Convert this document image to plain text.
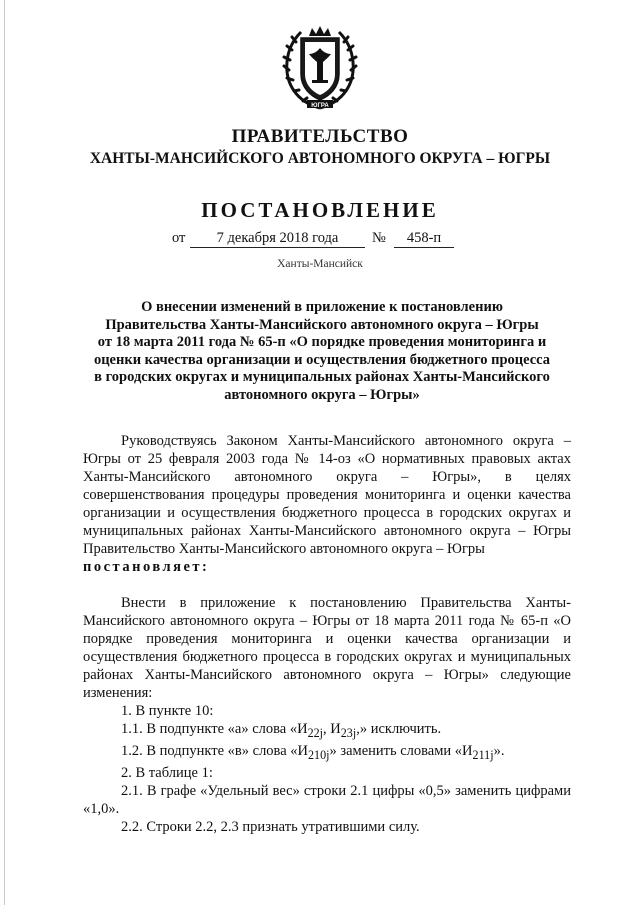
ЮГРА
ПРАВИТЕЛЬСТВО
ХАНТЫ-МАНСИЙСКОГО АВТОНОМНОГО ОКРУГА – ЮГРЫ
ПОСТАНОВЛЕНИЕ
от	7 декабря 2018 года	№	458-п
Ханты-Мансийск
О внесении изменений в приложение к постановлению
Правительства Ханты-Мансийского автономного округа – Югры
от 18 марта 2011 года № 65-п «О порядке проведения мониторинга и
оценки качества организации и осуществления бюджетного процесса
в городских округах и муниципальных районах Ханты-Мансийского
автономного округа – Югры»

Руководствуясь Законом Ханты-Мансийского автономного округа – Югры от 25 февраля 2003 года № 14-оз «О нормативных правовых актах Ханты-Мансийского автономного округа – Югры», в целях совершенствования процедуры проведения мониторинга и оценки качества организации и осуществления бюджетного процесса в городских округах и муниципальных районах Ханты-Мансийского автономного округа – Югры Правительство Ханты-Мансийского автономного округа – Югры

постановляет:

Внести в приложение к постановлению Правительства Ханты-Мансийского автономного округа – Югры от 18 марта 2011 года № 65-п «О порядке проведения мониторинга и оценки качества организации и осуществления бюджетного процесса в городских округах и муниципальных районах Ханты-Мансийского автономного округа – Югры» следующие изменения:

1. В пункте 10:

1.1. В подпункте «а» слова «$И_{22j}$, $И_{23j}$,» исключить.

1.2. В подпункте «в» слова «$И_{210j}$» заменить словами «$И_{211j}$».

2. В таблице 1:

2.1. В графе «Удельный вес» строки 2.1 цифры «0,5» заменить цифрами «1,0».

2.2. Строки 2.2, 2.3 признать утратившими силу.
